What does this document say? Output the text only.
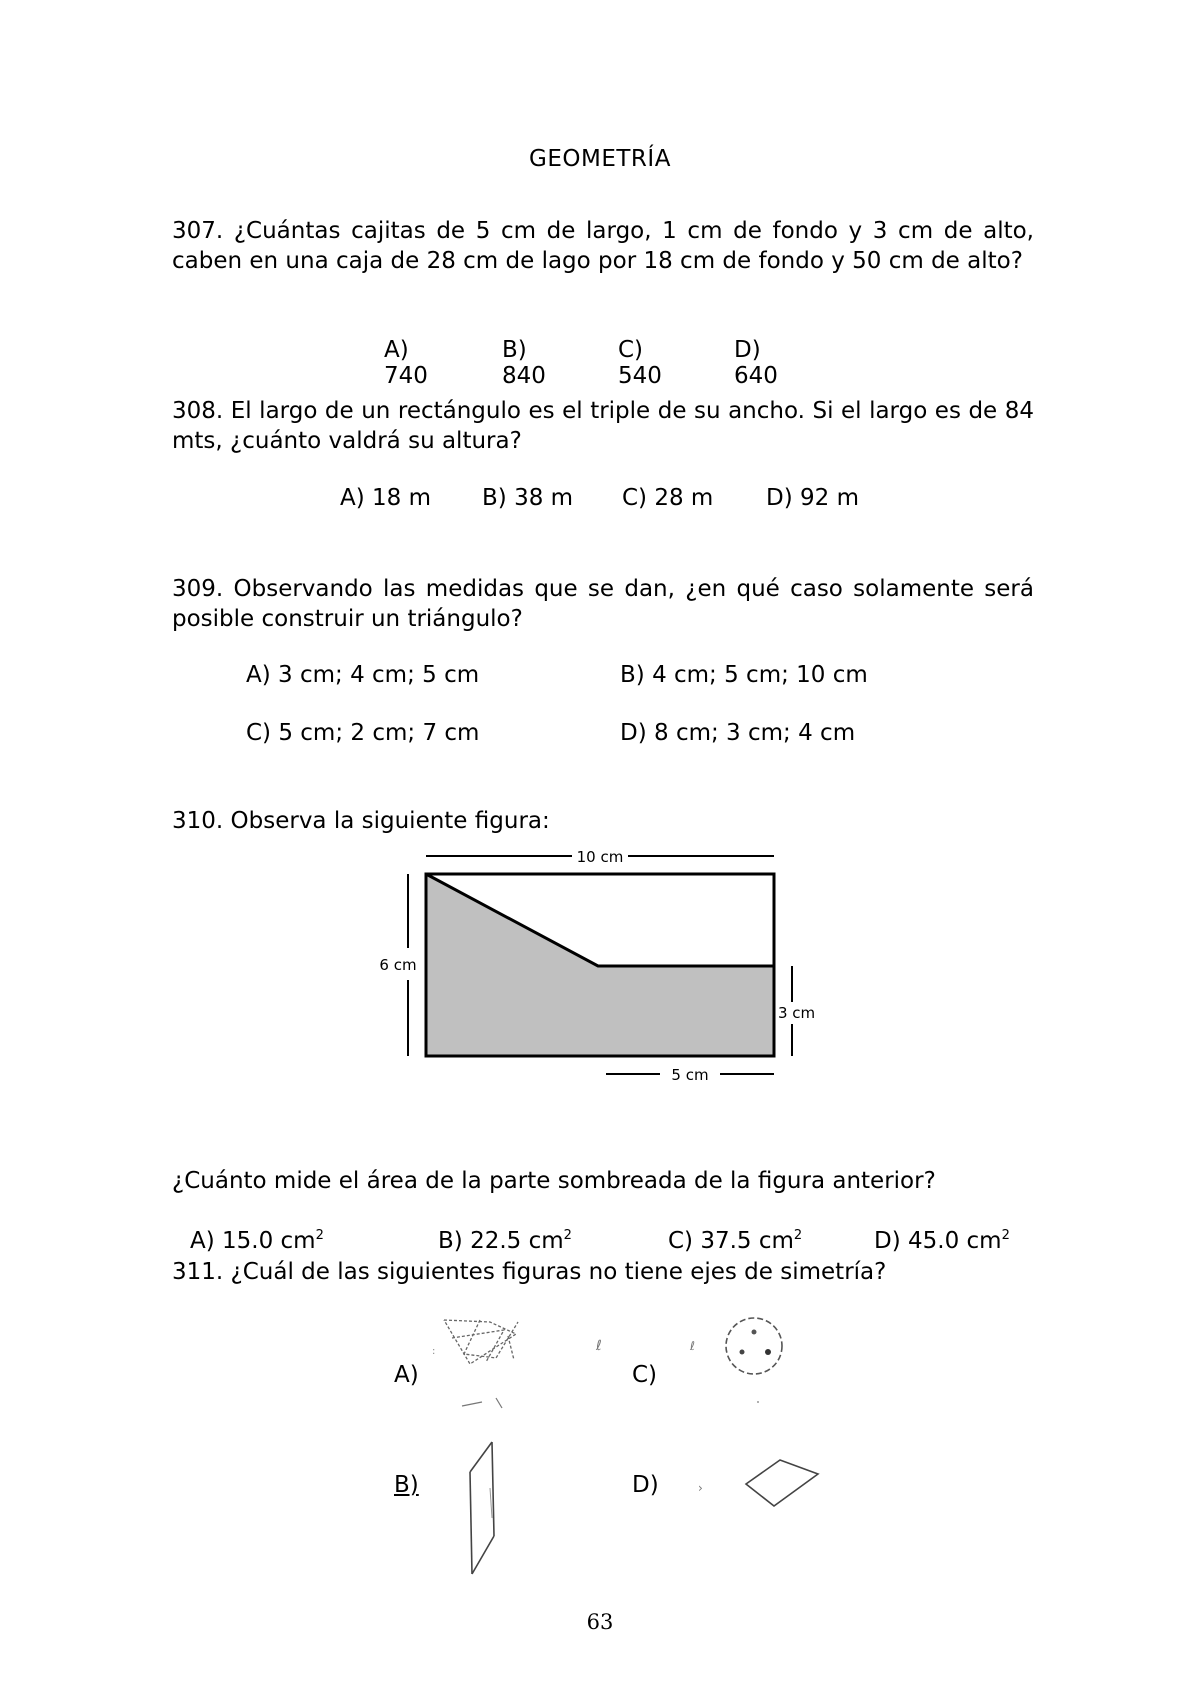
GEOMETRÍA
307. ¿Cuántas cajitas de 5 cm de largo, 1 cm de fondo y 3 cm de alto, caben en una caja de 28 cm de lago por 18 cm de fondo y 50 cm de alto?
A) 740
B) 840
C) 540
D) 640
308. El largo de un rectángulo es el triple de su ancho. Si el largo es de 84 mts, ¿cuánto valdrá su altura?
A) 18 m B) 38 m C) 28 m D) 92 m
309. Observando las medidas que se dan, ¿en qué caso solamente será posible construir un triángulo?
A) 3 cm; 4 cm; 5 cm	B) 4 cm; 5 cm; 10 cm
C) 5 cm; 2 cm; 7 cm	D) 8 cm; 3 cm; 4 cm
310. Observa la siguiente figura:
10 cm
6 cm
3 cm
5 cm
¿Cuánto mide el área de la parte sombreada de la figura anterior?
A) 15.0 $cm^2$	B) 22.5 $cm^2$	C) 37.5 $cm^2$	D) 45.0 $cm^2$
311. ¿Cuál de las siguientes figuras no tiene ejes de simetría?
A)
B)
C)
D)
:	ℓ	ℓ
›
63
